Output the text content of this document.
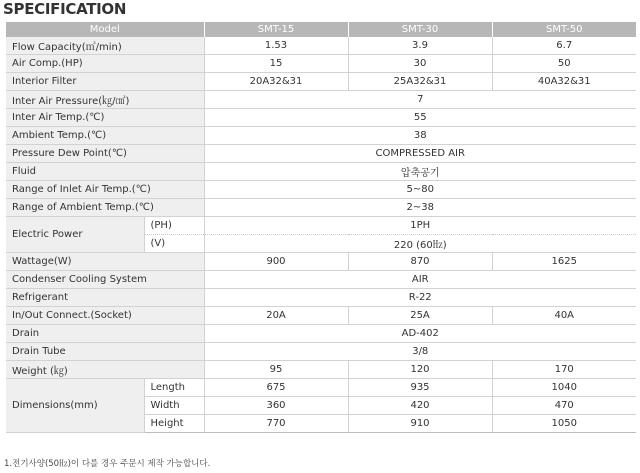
SPECIFICATION
Model		SMT-15	SMT-30	SMT-50
Flow Capacity(㎥/min)		1.53	3.9	6.7
Air Comp.(HP)		15	30	50
Interior Filter		20A32&31	25A32&31	40A32&31
Inter Air Pressure(㎏/㎠)		7		
Inter Air Temp.(℃)		55		
Ambient Temp.(℃)		38		
Pressure Dew Point(℃)		COMPRESSED AIR		
Fluid		압축공기		
Range of Inlet Air Temp.(℃)		5~80		
Range of Ambient Temp.(℃)		2~38		
Electric Power	(PH)	1PH		
	(V)	220 (60㎐)		
Wattage(W)		900	870	1625
Condenser Cooling System		AIR		
Refrigerant		R-22		
In/Out Connect.(Socket)		20A	25A	40A
Drain		AD-402		
Drain Tube		3/8		
Weight (㎏)		95	120	170
Dimensions(mm)	Length	675	935	1040
	Width	360	420	470
	Height	770	910	1050
1.전기사양(50㎐)이 다를 경우 주문시 제작 가능합니다.
